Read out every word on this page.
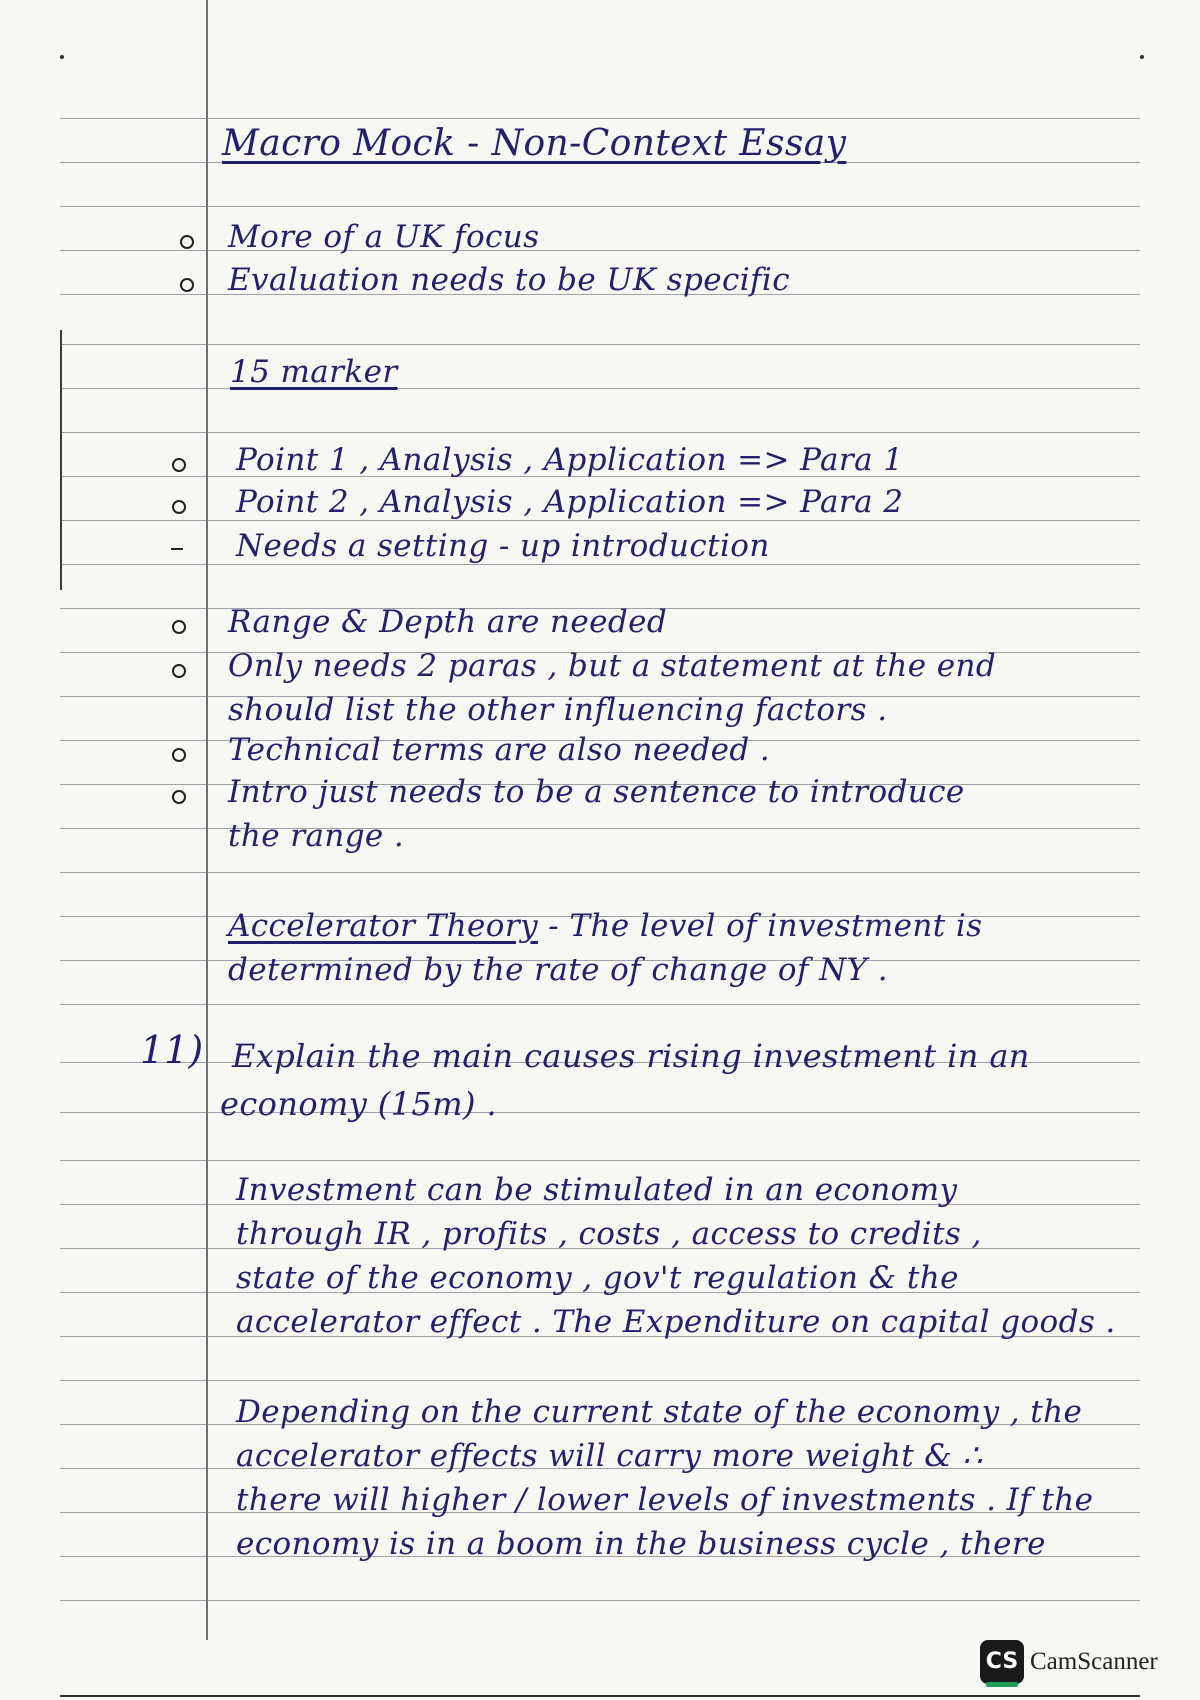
Macro Mock - Non-Context Essay
More of a UK focus
Evaluation needs to be UK specific
15 marker
Point 1 , Analysis , Application => Para 1
Point 2 , Analysis , Application => Para 2
Needs a setting - up introduction
Range & Depth are needed
Only needs 2 paras , but a statement at the end
should list the other influencing factors .
Technical terms are also needed .
Intro just needs to be a sentence to introduce
the range .
Accelerator Theory - The level of investment is
determined by the rate of change of NY .
11) Explain the main causes rising investment in an
economy (15m) .
Investment can be stimulated in an economy
through IR , profits , costs , access to credits ,
state of the economy , gov't regulation & the
accelerator effect . The Expenditure on capital goods .
Depending on the current state of the economy , the
accelerator effects will carry more weight & ∴
there will higher / lower levels of investments . If the
economy is in a boom in the business cycle , there
CS CamScanner
